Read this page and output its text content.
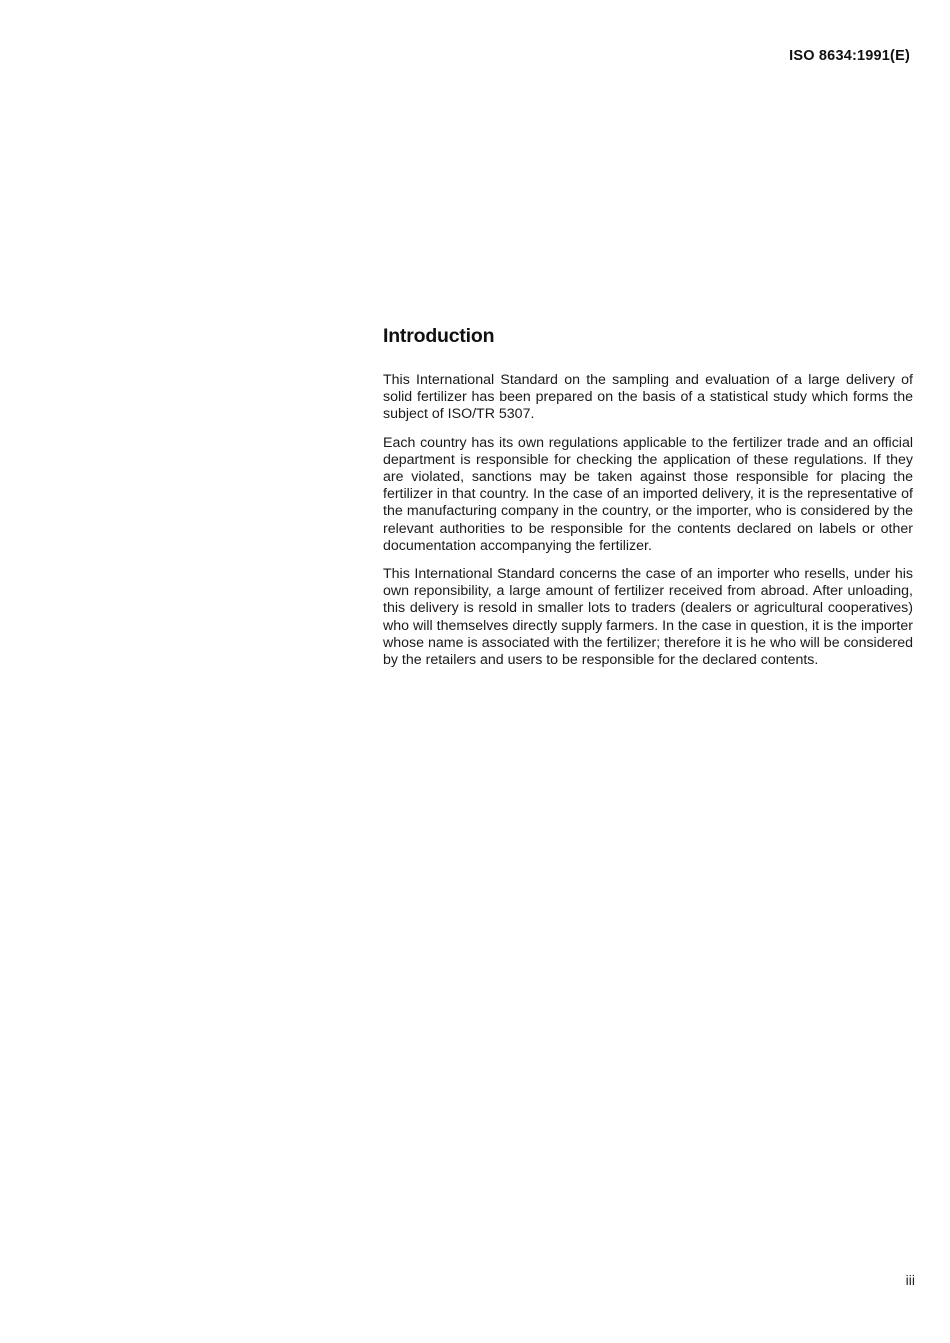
ISO 8634:1991(E)
Introduction

This International Standard on the sampling and evaluation of a large delivery of solid fertilizer has been prepared on the basis of a statistical study which forms the subject of ISO/TR 5307.

Each country has its own regulations applicable to the fertilizer trade and an official department is responsible for checking the application of these regulations. If they are violated, sanctions may be taken against those responsible for placing the fertilizer in that country. In the case of an imported delivery, it is the representative of the manufacturing company in the country, or the importer, who is considered by the relevant authorities to be responsible for the contents declared on labels or other documentation accompanying the fertilizer.

This International Standard concerns the case of an importer who resells, under his own reponsibility, a large amount of fertilizer received from abroad. After unloading, this delivery is resold in smaller lots to traders (dealers or agricultural cooperatives) who will themselves directly supply farmers. In the case in question, it is the importer whose name is associated with the fertilizer; therefore it is he who will be considered by the retailers and users to be responsible for the declared contents.

iii
